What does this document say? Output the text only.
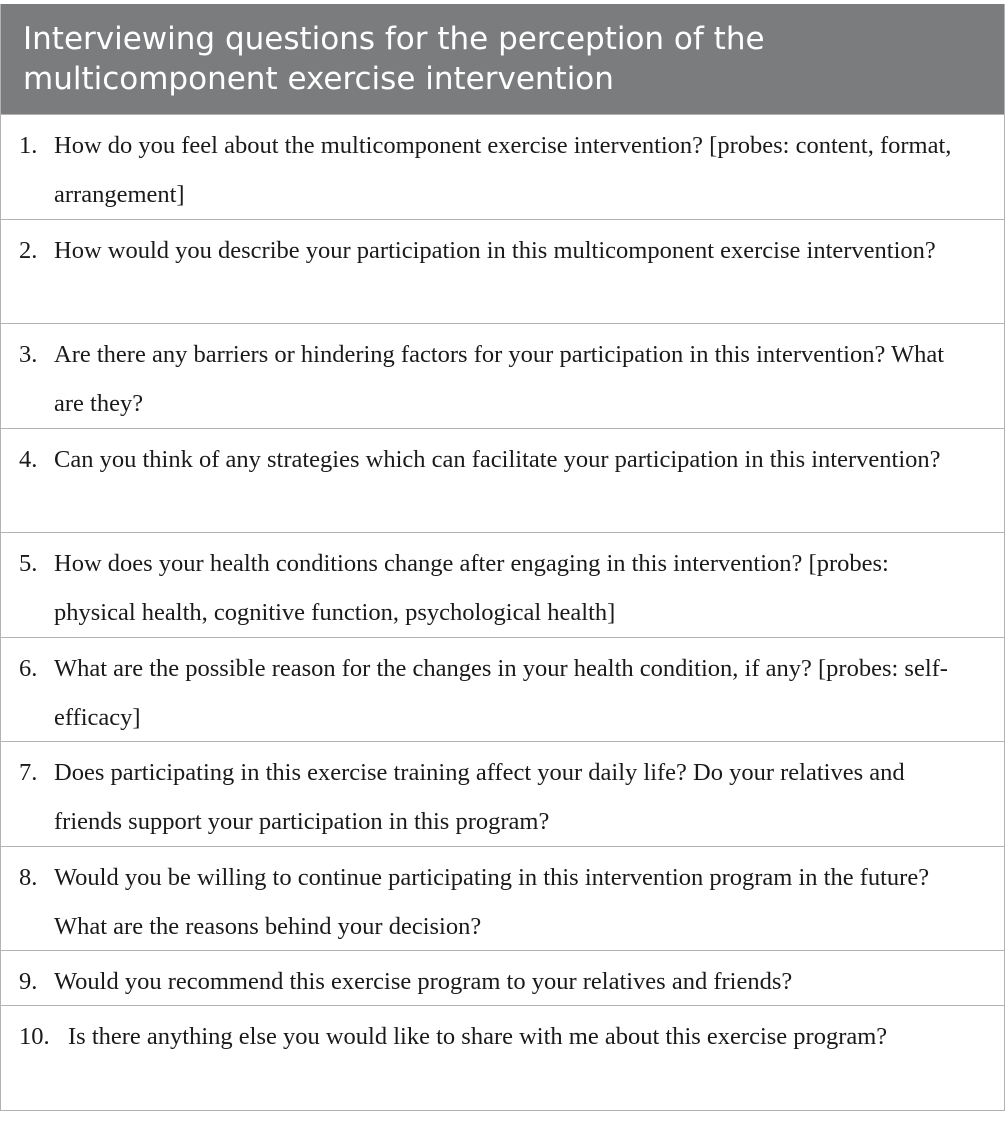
Interviewing questions for the perception of the multicomponent exercise intervention
1. How do you feel about the multicomponent exercise intervention? [probes: content, format, arrangement]
2. How would you describe your participation in this multicomponent exercise intervention?
3. Are there any barriers or hindering factors for your participation in this intervention? What are they?
4. Can you think of any strategies which can facilitate your participation in this intervention?
5. How does your health conditions change after engaging in this intervention? [probes: physical health, cognitive function, psychological health]
6. What are the possible reason for the changes in your health condition, if any? [probes: self-efficacy]
7. Does participating in this exercise training affect your daily life? Do your relatives and friends support your participation in this program?
8. Would you be willing to continue participating in this intervention program in the future? What are the reasons behind your decision?
9. Would you recommend this exercise program to your relatives and friends?
10. Is there anything else you would like to share with me about this exercise program?
